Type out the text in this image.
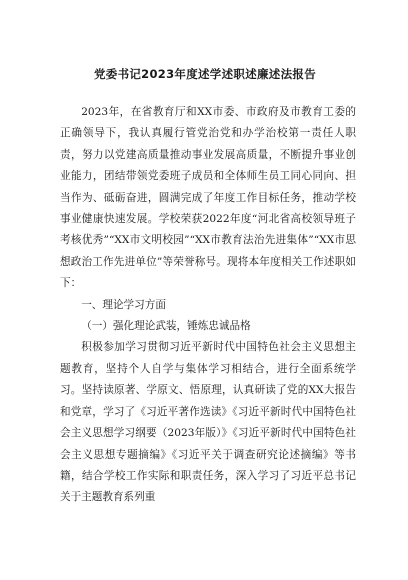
党委书记2023年度述学述职述廉述法报告

2023年，在省教育厅和XX市委、市政府及市教育工委的正确领导下，我认真履行管党治党和办学治校第一责任人职责，努力以党建高质量推动事业发展高质量，不断提升事业创业能力，团结带领党委班子成员和全体师生员工同心同向、担当作为、砥砺奋进，圆满完成了年度工作目标任务，推动学校事业健康快速发展。学校荣获2022年度“河北省高校领导班子考核优秀”“XX市文明校园”“XX市教育法治先进集体”“XX市思想政治工作先进单位”等荣誉称号。现将本年度相关工作述职如下：

一、理论学习方面

（一）强化理论武装，锤炼忠诚品格

积极参加学习贯彻习近平新时代中国特色社会主义思想主题教育，坚持个人自学与集体学习相结合，进行全面系统学习。坚持读原著、学原文、悟原理，认真研读了党的XX大报告和党章，学习了《习近平著作选读》《习近平新时代中国特色社会主义思想学习纲要（2023年版）》《习近平新时代中国特色社会主义思想专题摘编》《习近平关于调查研究论述摘编》等书籍，结合学校工作实际和职责任务，深入学习了习近平总书记关于主题教育系列重
